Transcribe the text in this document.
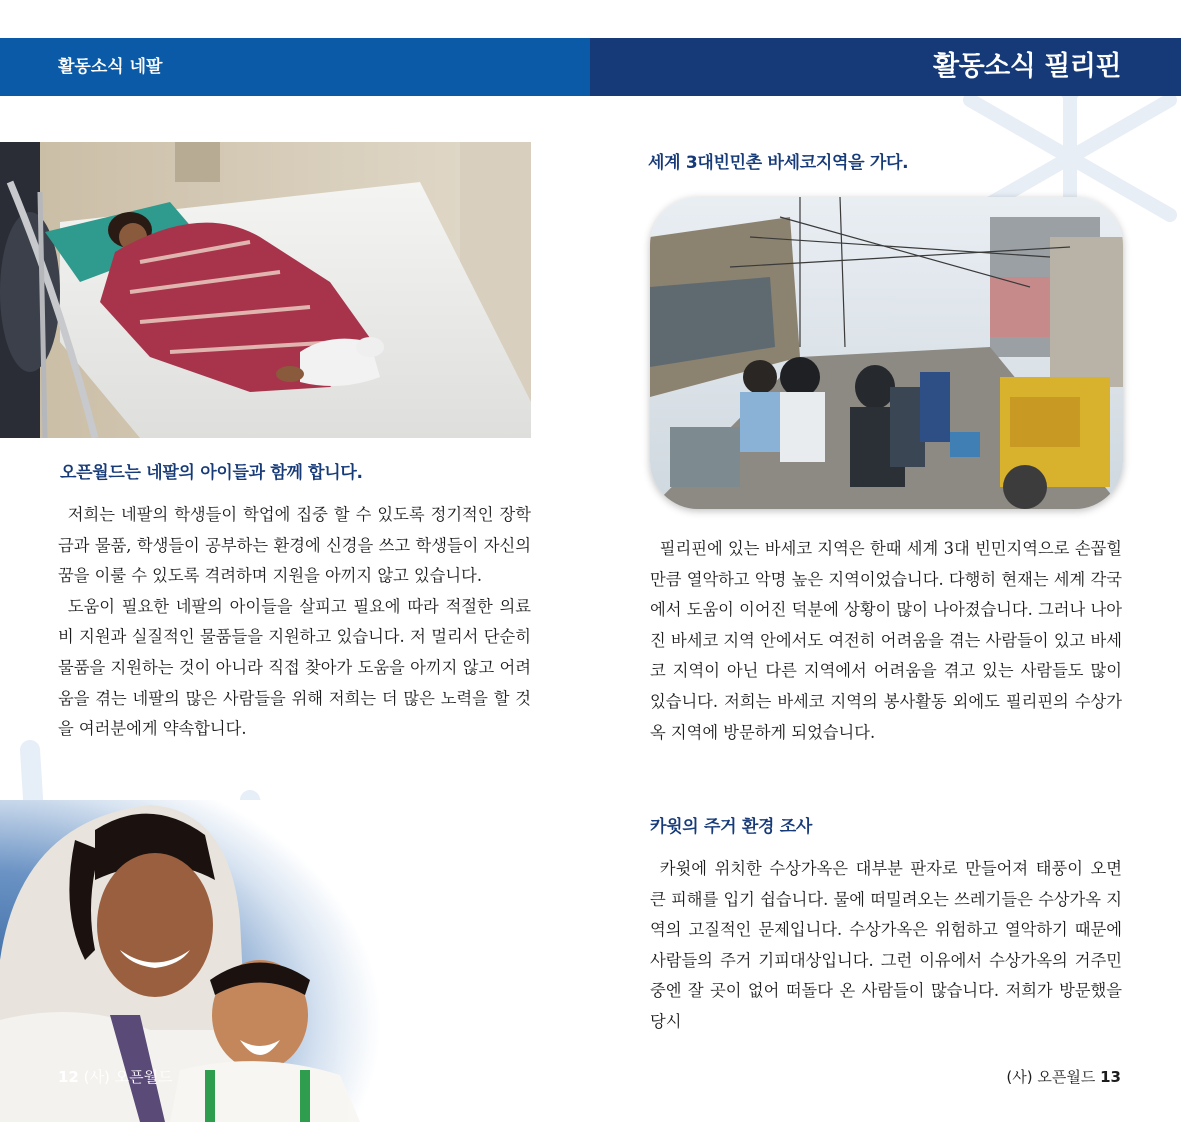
활동소식 네팔
오픈월드는 네팔의 아이들과 함께 합니다.

저희는 네팔의 학생들이 학업에 집중 할 수 있도록 정기적인 장학금과 물품, 학생들이 공부하는 환경에 신경을 쓰고 학생들이 자신의 꿈을 이룰 수 있도록 격려하며 지원을 아끼지 않고 있습니다.

도움이 필요한 네팔의 아이들을 살피고 필요에 따라 적절한 의료비 지원과 실질적인 물품들을 지원하고 있습니다. 저 멀리서 단순히 물품을 지원하는 것이 아니라 직접 찾아가 도움을 아끼지 않고 어려움을 겪는 네팔의 많은 사람들을 위해 저희는 더 많은 노력을 할 것을 여러분에게 약속합니다.

12 (사) 오픈월드
활동소식 필리핀
세계 3대빈민촌 바세코지역을 가다.

필리핀에 있는 바세코 지역은 한때 세계 3대 빈민지역으로 손꼽힐만큼 열악하고 악명 높은 지역이었습니다. 다행히 현재는 세계 각국에서 도움이 이어진 덕분에 상황이 많이 나아졌습니다. 그러나 나아진 바세코 지역 안에서도 여전히 어려움을 겪는 사람들이 있고 바세코 지역이 아닌 다른 지역에서 어려움을 겪고 있는 사람들도 많이 있습니다. 저희는 바세코 지역의 봉사활동 외에도 필리핀의 수상가옥 지역에 방문하게 되었습니다.

카윗의 주거 환경 조사

카윗에 위치한 수상가옥은 대부분 판자로 만들어져 태풍이 오면 큰 피해를 입기 쉽습니다. 물에 떠밀려오는 쓰레기들은 수상가옥 지역의 고질적인 문제입니다. 수상가옥은 위험하고 열악하기 때문에 사람들의 주거 기피대상입니다. 그런 이유에서 수상가옥의 거주민 중엔 잘 곳이 없어 떠돌다 온 사람들이 많습니다. 저희가 방문했을 당시

(사) 오픈월드 13
